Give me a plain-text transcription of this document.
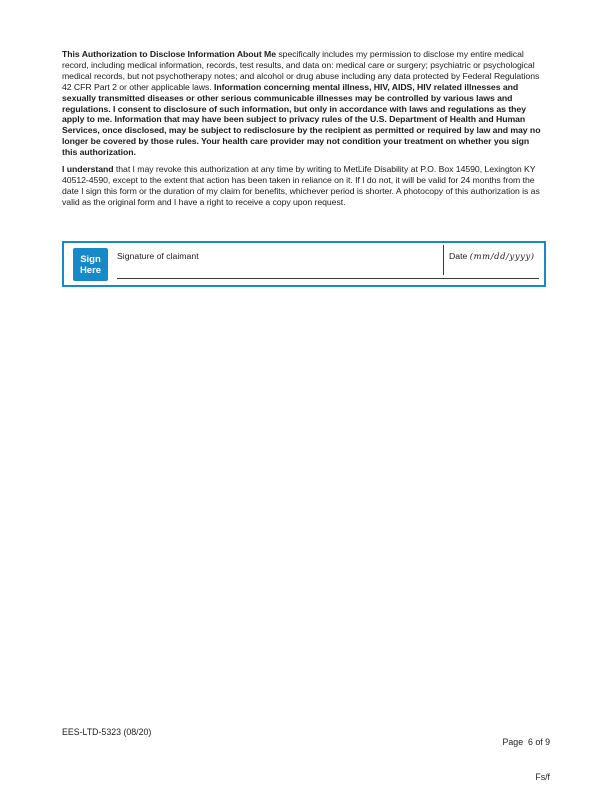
This Authorization to Disclose Information About Me specifically includes my permission to disclose my entire medical record, including medical information, records, test results, and data on: medical care or surgery; psychiatric or psychological medical records, but not psychotherapy notes; and alcohol or drug abuse including any data protected by Federal Regulations 42 CFR Part 2 or other applicable laws. Information concerning mental illness, HIV, AIDS, HIV related illnesses and sexually transmitted diseases or other serious communicable illnesses may be controlled by various laws and regulations. I consent to disclosure of such information, but only in accordance with laws and regulations as they apply to me. Information that may have been subject to privacy rules of the U.S. Department of Health and Human Services, once disclosed, may be subject to redisclosure by the recipient as permitted or required by law and may no longer be covered by those rules. Your health care provider may not condition your treatment on whether you sign this authorization.

I understand that I may revoke this authorization at any time by writing to MetLife Disability at P.O. Box 14590, Lexington KY 40512-4590, except to the extent that action has been taken in reliance on it. If I do not, it will be valid for 24 months from the date I sign this form or the duration of my claim for benefits, whichever period is shorter. A photocopy of this authorization is as valid as the original form and I have a right to receive a copy upon request.

Sign
Here
Signature of claimant	Date (mm/dd/yyyy)
EES-LTD-5323 (08/20)

Page  6 of 9

Fs/f
